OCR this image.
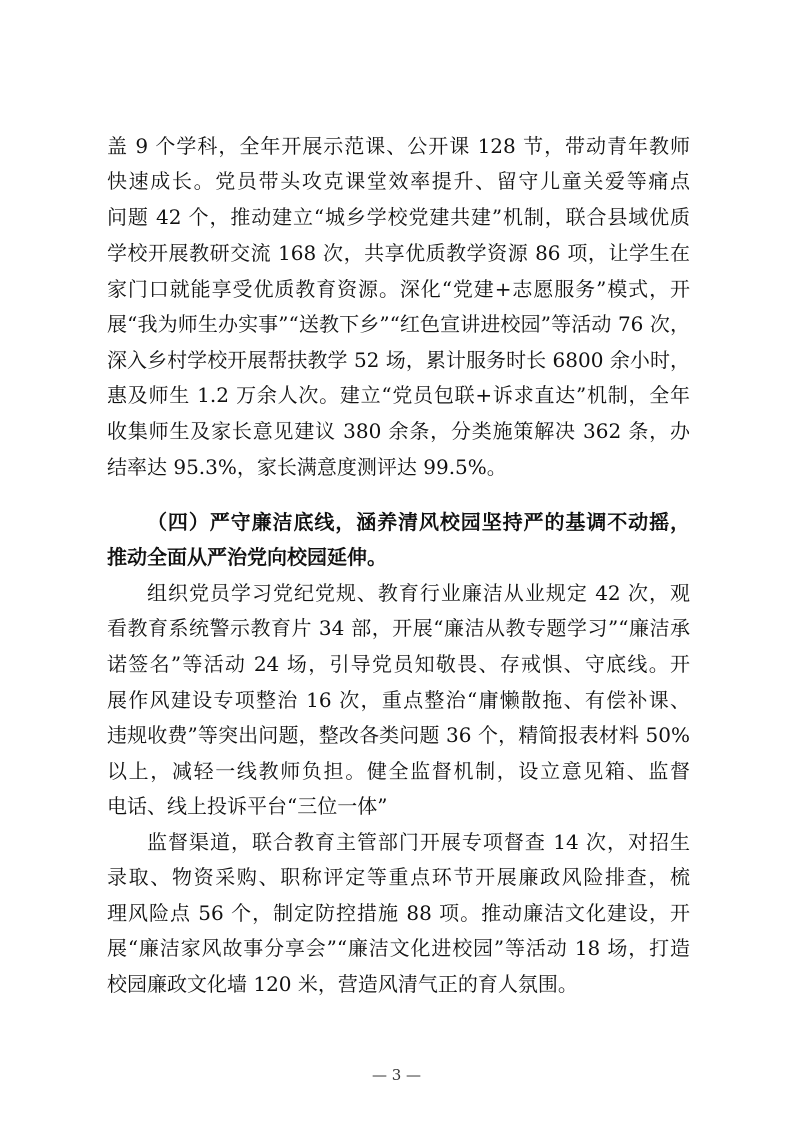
盖 9 个学科，全年开展示范课、公开课 128 节，带动青年教师
快速成长。党员带头攻克课堂效率提升、留守儿童关爱等痛点
问题 42 个，推动建立“城乡学校党建共建”机制，联合县域优质
学校开展教研交流 168 次，共享优质教学资源 86 项，让学生在
家门口就能享受优质教育资源。深化“党建+志愿服务”模式，开
展“我为师生办实事”“送教下乡”“红色宣讲进校园”等活动 76 次，
深入乡村学校开展帮扶教学 52 场，累计服务时长 6800 余小时，
惠及师生 1.2 万余人次。建立“党员包联+诉求直达”机制，全年
收集师生及家长意见建议 380 余条，分类施策解决 362 条，办
结率达 95.3%，家长满意度测评达 99.5%。
（四）严守廉洁底线，涵养清风校园坚持严的基调不动摇，
推动全面从严治党向校园延伸。
组织党员学习党纪党规、教育行业廉洁从业规定 42 次，观
看教育系统警示教育片 34 部，开展“廉洁从教专题学习”“廉洁承
诺签名”等活动 24 场，引导党员知敬畏、存戒惧、守底线。开
展作风建设专项整治 16 次，重点整治“庸懒散拖、有偿补课、
违规收费”等突出问题，整改各类问题 36 个，精简报表材料 50%
以上，减轻一线教师负担。健全监督机制，设立意见箱、监督
电话、线上投诉平台“三位一体”
监督渠道，联合教育主管部门开展专项督查 14 次，对招生
录取、物资采购、职称评定等重点环节开展廉政风险排查，梳
理风险点 56 个，制定防控措施 88 项。推动廉洁文化建设，开
展“廉洁家风故事分享会”“廉洁文化进校园”等活动 18 场，打造
校园廉政文化墙 120 米，营造风清气正的育人氛围。
— 3 —
